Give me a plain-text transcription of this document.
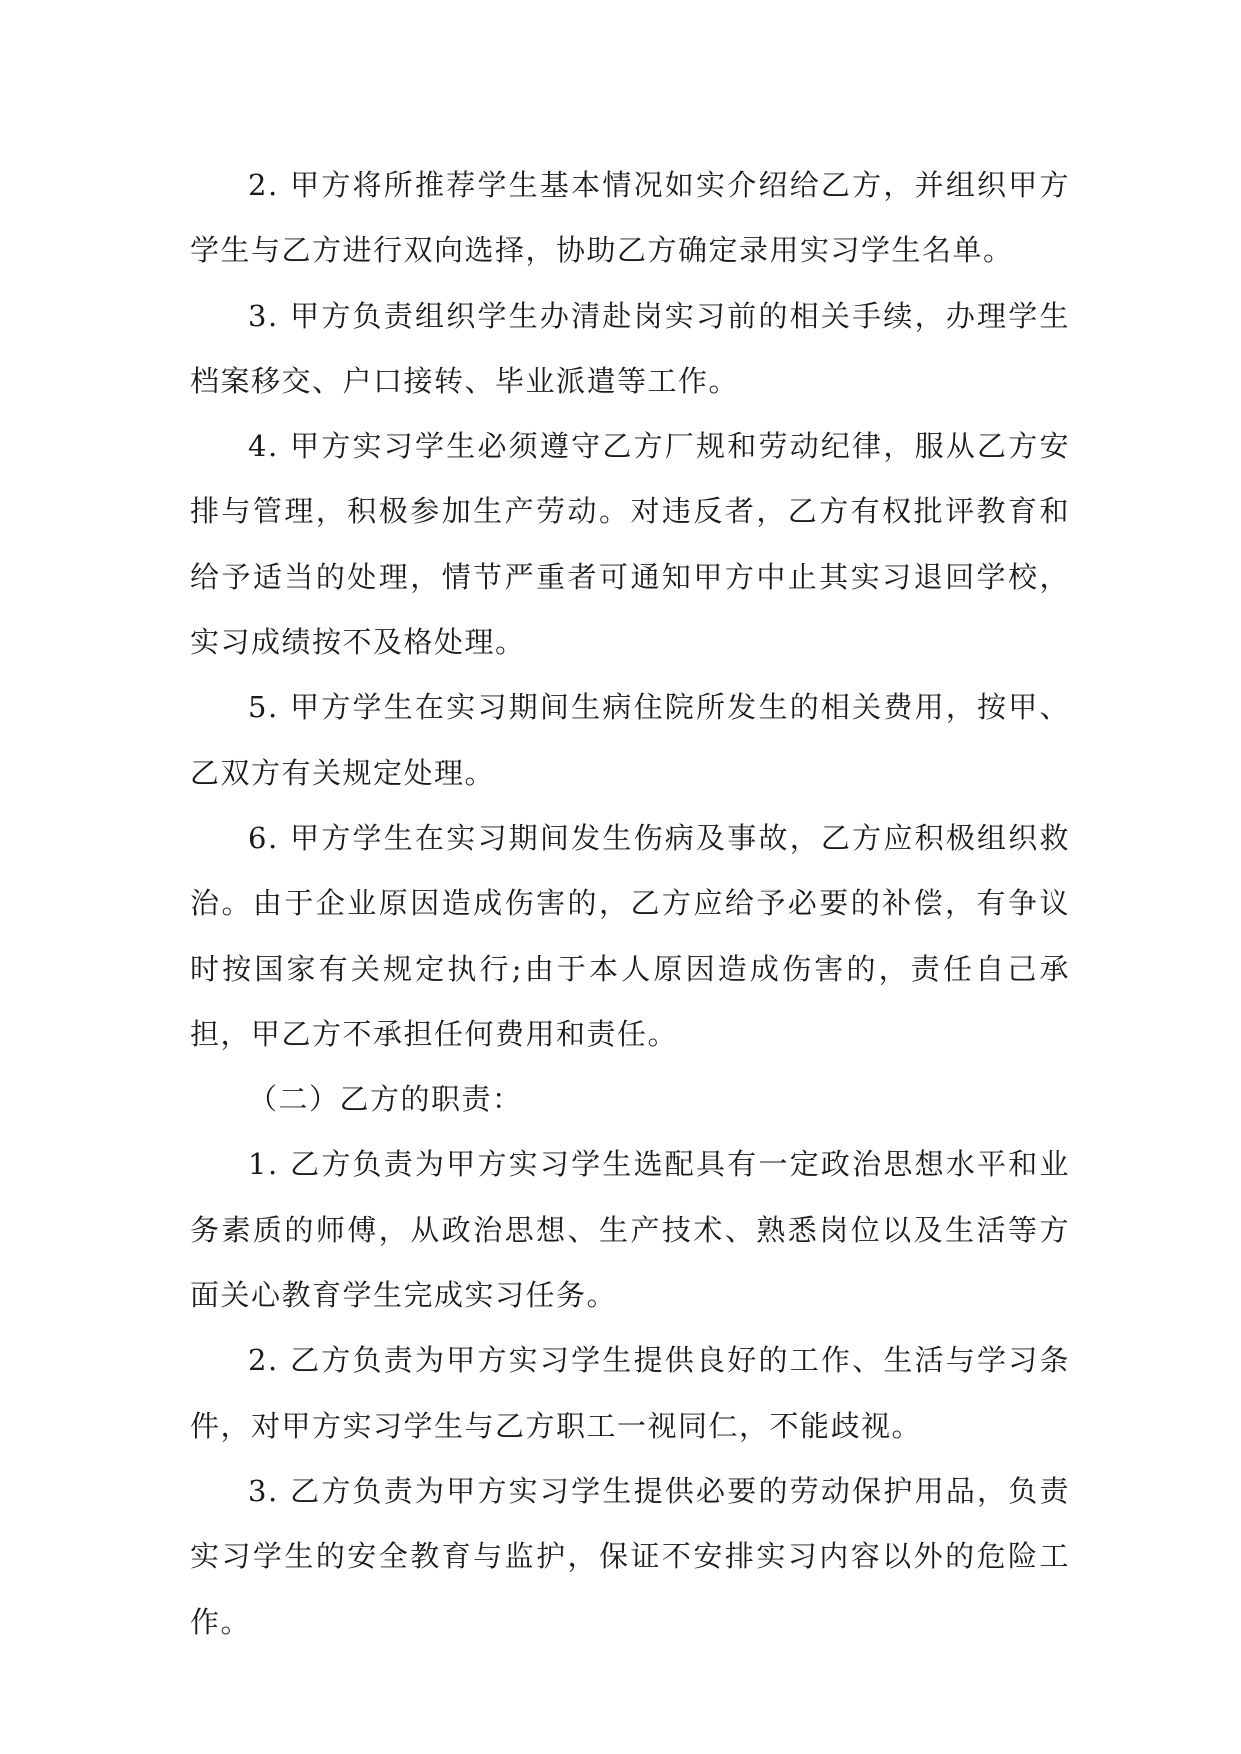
2. 甲方将所推荐学生基本情况如实介绍给乙方，并组织甲方学生与乙方进行双向选择，协助乙方确定录用实习学生名单。

3. 甲方负责组织学生办清赴岗实习前的相关手续，办理学生档案移交、户口接转、毕业派遣等工作。

4. 甲方实习学生必须遵守乙方厂规和劳动纪律，服从乙方安排与管理，积极参加生产劳动。对违反者，乙方有权批评教育和给予适当的处理，情节严重者可通知甲方中止其实习退回学校，实习成绩按不及格处理。

5. 甲方学生在实习期间生病住院所发生的相关费用，按甲、乙双方有关规定处理。

6. 甲方学生在实习期间发生伤病及事故，乙方应积极组织救治。由于企业原因造成伤害的，乙方应给予必要的补偿，有争议时按国家有关规定执行;由于本人原因造成伤害的，责任自己承担，甲乙方不承担任何费用和责任。

（二）乙方的职责：

1. 乙方负责为甲方实习学生选配具有一定政治思想水平和业务素质的师傅，从政治思想、生产技术、熟悉岗位以及生活等方面关心教育学生完成实习任务。

2. 乙方负责为甲方实习学生提供良好的工作、生活与学习条件，对甲方实习学生与乙方职工一视同仁，不能歧视。

3. 乙方负责为甲方实习学生提供必要的劳动保护用品，负责实习学生的安全教育与监护，保证不安排实习内容以外的危险工作。
